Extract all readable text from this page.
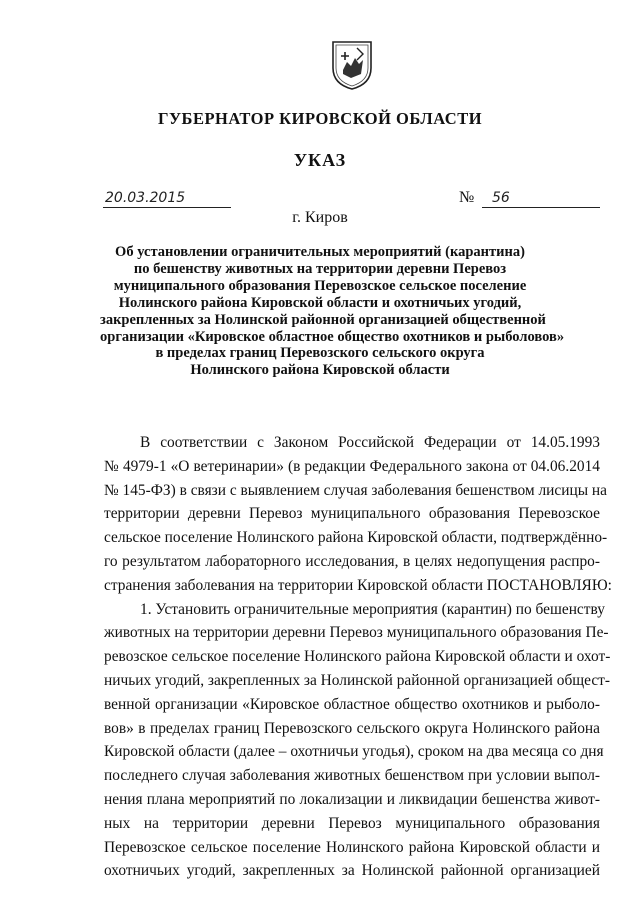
ГУБЕРНАТОР КИРОВСКОЙ ОБЛАСТИ
УКАЗ
20.03.2015	№ 56
г. Киров
Об установлении ограничительных мероприятий (карантина)
по бешенству животных на территории деревни Перевоз
муниципального образования Перевозское сельское поселение
Нолинского района Кировской области и охотничьих угодий,
закрепленных за Нолинской районной организацией общественной
организации «Кировское областное общество охотников и рыболовов»
в пределах границ Перевозского сельского округа
Нолинского района Кировской области
В соответствии с Законом Российской Федерации от 14.05.1993
№ 4979-1 «О ветеринарии» (в редакции Федерального закона от 04.06.2014
№ 145-ФЗ) в связи с выявлением случая заболевания бешенством лисицы на
территории деревни Перевоз муниципального образования Перевозское
сельское поселение Нолинского района Кировской области, подтверждённо-
го результатом лабораторного исследования, в целях недопущения распро-
странения заболевания на территории Кировской области ПОСТАНОВЛЯЮ:
1. Установить ограничительные мероприятия (карантин) по бешенству
животных на территории деревни Перевоз муниципального образования Пе-
ревозское сельское поселение Нолинского района Кировской области и охот-
ничьих угодий, закрепленных за Нолинской районной организацией общест-
венной организации «Кировское областное общество охотников и рыболо-
вов» в пределах границ Перевозского сельского округа Нолинского района
Кировской области (далее – охотничьи угодья), сроком на два месяца со дня
последнего случая заболевания животных бешенством при условии выпол-
нения плана мероприятий по локализации и ликвидации бешенства живот-
ных на территории деревни Перевоз муниципального образования
Перевозское сельское поселение Нолинского района Кировской области и
охотничьих угодий, закрепленных за Нолинской районной организацией
